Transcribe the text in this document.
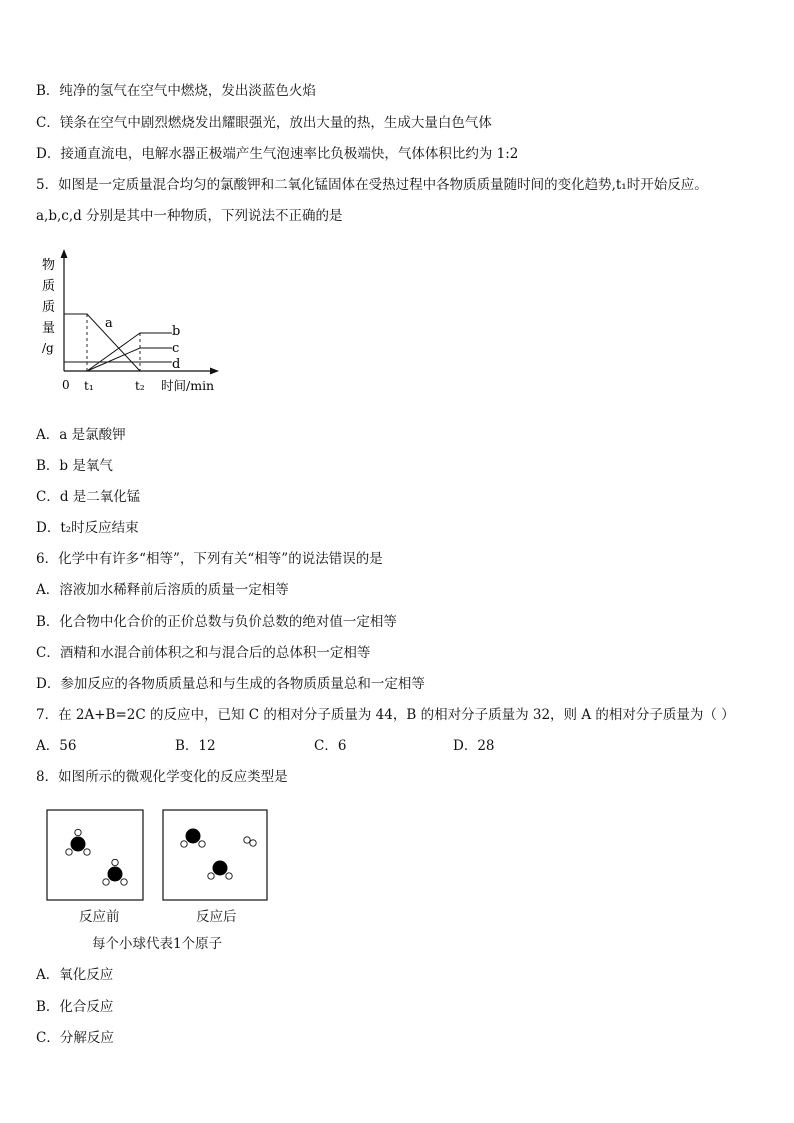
B．纯净的氢气在空气中燃烧，发出淡蓝色火焰
C．镁条在空气中剧烈燃烧发出耀眼强光，放出大量的热，生成大量白色气体
D．接通直流电，电解水器正极端产生气泡速率比负极端快，气体体积比约为 1:2
5．如图是一定质量混合均匀的氯酸钾和二氧化锰固体在受热过程中各物质质量随时间的变化趋势,t₁时开始反应。
a,b,c,d 分别是其中一种物质，下列说法不正确的是
物
质
质
量
/g
a
b
c
d
0 t₁	t₂ 时间/min
A．a 是氯酸钾
B．b 是氧气
C．d 是二氧化锰
D．t₂时反应结束
6．化学中有许多“相等”，下列有关“相等”的说法错误的是
A．溶液加水稀释前后溶质的质量一定相等
B．化合物中化合价的正价总数与负价总数的绝对值一定相等
C．酒精和水混合前体积之和与混合后的总体积一定相等
D．参加反应的各物质质量总和与生成的各物质质量总和一定相等
7．在 2A+B=2C 的反应中，已知 C 的相对分子质量为 44，B 的相对分子质量为 32，则 A 的相对分子质量为（ ）
A．56	B．12	C．6	D．28
8．如图所示的微观化学变化的反应类型是
反应前	反应后
每个小球代表1个原子
A．氧化反应
B．化合反应
C．分解反应
